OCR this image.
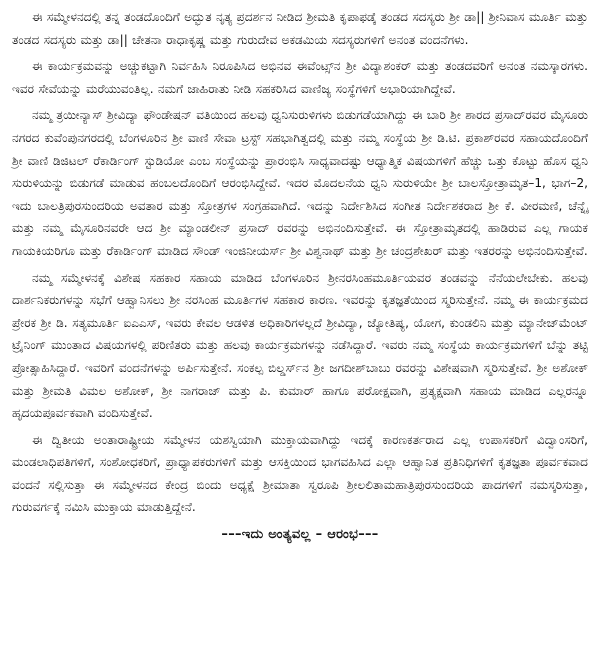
ಈ ಸಮ್ಮೇಳನದಲ್ಲಿ ತನ್ನ ತಂಡದೊಂದಿಗೆ ಅದ್ಭುತ ನೃತ್ಯ ಪ್ರದರ್ಶನ ನೀಡಿದ ಶ್ರೀಮತಿ ಕೃಪಾಫಡ್ಕೆ ತಂಡದ ಸದಸ್ಯರು ಶ್ರೀ ಡಾ|| ಶ್ರೀನಿವಾಸ ಮೂರ್ತಿ ಮತ್ತು ತಂಡದ ಸದಸ್ಯರು ಮತ್ತು ಡಾ|| ಚೇತನಾ ರಾಧಾಕೃಷ್ಣ ಮತ್ತು ಗುರುದೇವ ಅಕಡಮಿಯ ಸದಸ್ಯರುಗಳಿಗೆ ಅನಂತ ವಂದನೆಗಳು.

ಈ ಕಾರ್ಯಕ್ರಮವನ್ನು ಅಚ್ಚುಕಟ್ಟಾಗಿ ನಿರ್ವಹಿಸಿ ನಿರೂಪಿಸಿದ ಅಭಿನವ ಈವೆಂಟ್ಸ್‌ನ ಶ್ರೀ ವಿದ್ಯಾಶಂಕರ್ ಮತ್ತು ತಂಡದವರಿಗೆ ಅನಂತ ನಮಸ್ಕಾರಗಳು. ಇವರ ಸೇವೆಯನ್ನು ಮರೆಯುವಂತಿಲ್ಲ. ನಮಗೆ ಜಾಹಿರಾತು ನೀಡಿ ಸಹಕರಿಸಿದ ವಾಣಿಜ್ಯ ಸಂಸ್ಥೆಗಳಿಗೆ ಅಭಾರಿಯಾಗಿದ್ದೇವೆ.

ನಮ್ಮ ತ್ರಯೀನ್ಯಾಸ್ ಶ್ರೀವಿದ್ಯಾ ಫೌಂಡೇಷನ್ ವತಿಯಿಂದ ಹಲವು ಧ್ವನಿಸುರುಳಿಗಳು ಬಿಡುಗಡೆಯಾಗಿದ್ದು ಈ ಬಾರಿ ಶ್ರೀ ಶಾರದ ಪ್ರಸಾದ್‌ರವರ ಮೈಸೂರು ನಗರದ ಕುವೆಂಪುನಗರದಲ್ಲಿ ಬೆಂಗಳೂರಿನ ಶ್ರೀ ವಾಣಿ ಸೇವಾ ಟ್ರಸ್ಟ್ ಸಹಭಾಗಿತ್ವದಲ್ಲಿ ಮತ್ತು ನಮ್ಮ ಸಂಸ್ಥೆಯ ಶ್ರೀ ಡಿ.ಟಿ. ಪ್ರಕಾಶ್‌ರವರ ಸಹಾಯದೊಂದಿಗೆ ಶ್ರೀ ವಾಣಿ ಡಿಜಿಟಲ್ ರೆಕಾರ್ಡಿಂಗ್ ಸ್ಟುಡಿಯೋ ಎಂಬ ಸಂಸ್ಥೆಯನ್ನು ಪ್ರಾರಂಭಿಸಿ ಸಾಧ್ಯವಾದಷ್ಟು ಆಧ್ಯಾತ್ಮಿಕ ವಿಷಯಗಳಿಗೆ ಹೆಚ್ಚು ಒತ್ತು ಕೊಟ್ಟು ಹೊಸ ಧ್ವನಿ ಸುರುಳಿಯನ್ನು ಬಿಡುಗಡೆ ಮಾಡುವ ಹಂಬಲದೊಂದಿಗೆ ಆರಂಭಿಸಿದ್ದೇವೆ. ಇದರ ಮೊದಲನೆಯ ಧ್ವನಿ ಸುರುಳಿಯೇ ಶ್ರೀ ಬಾಲಸ್ತೋತ್ರಾಮೃತ–1, ಭಾಗ–2, ಇದು ಬಾಲತ್ರಿಪುರಸುಂದರಿಯ ಅವತಾರ ಮತ್ತು ಸ್ತೋತ್ರಗಳ ಸಂಗ್ರಹವಾಗಿದೆ. ಇದನ್ನು ನಿರ್ದೇಶಿಸಿದ ಸಂಗೀತ ನಿರ್ದೇಶಕರಾದ ಶ್ರೀ ಕೆ. ವೀರಮಣಿ, ಚೆನ್ನೈ ಮತ್ತು ನಮ್ಮ ಮೈಸೂರಿನವರೇ ಆದ ಶ್ರೀ ಮ್ಯಾಂಡಲೀನ್ ಪ್ರಸಾದ್ ರವರನ್ನು ಅಭಿನಂದಿಸುತ್ತೇವೆ. ಈ ಸ್ತೋತ್ರಾಮೃತದಲ್ಲಿ ಹಾಡಿರುವ ಎಲ್ಲ ಗಾಯಕ ಗಾಯಕಿಯರಿಗೂ ಮತ್ತು ರೆಕಾರ್ಡಿಂಗ್ ಮಾಡಿದ ಸೌಂಡ್ ಇಂಜಿನೀಯರ್ಸ್ ಶ್ರೀ ವಿಶ್ವನಾಥ್ ಮತ್ತು ಶ್ರೀ ಚಂದ್ರಶೇಖರ್ ಮತ್ತು ಇತರರನ್ನು ಅಭಿನಂದಿಸುತ್ತೇವೆ.

ನಮ್ಮ ಸಮ್ಮೇಳನಕ್ಕೆ ವಿಶೇಷ ಸಹಕಾರ ಸಹಾಯ ಮಾಡಿದ ಬೆಂಗಳೂರಿನ ಶ್ರೀನರಸಿಂಹಮೂರ್ತಿಯವರ ತಂಡವನ್ನು ನೆನೆಯಲೇಬೇಕು. ಹಲವು ದಾರ್ಶನಿಕರುಗಳನ್ನು ಸಭೆಗೆ ಆಹ್ವಾನಿಸಲು ಶ್ರೀ ನರಸಿಂಹ ಮೂರ್ತಿಗಳ ಸಹಕಾರ ಕಾರಣ. ಇವರನ್ನು ಕೃತಜ್ಞತೆಯಿಂದ ಸ್ಮರಿಸುತ್ತೇನೆ. ನಮ್ಮ ಈ ಕಾರ್ಯಕ್ರಮದ ಪ್ರೇರಕ ಶ್ರೀ ಡಿ. ಸತ್ಯಮೂರ್ತಿ ಐಎಎಸ್, ಇವರು ಕೇವಲ ಆಡಳಿತ ಅಧಿಕಾರಿಗಳಲ್ಲದೆ ಶ್ರೀವಿದ್ಯಾ, ಜ್ಯೋತಿಷ್ಯ, ಯೋಗ, ಕುಂಡಲಿನಿ ಮತ್ತು ಮ್ಯಾನೇಜ್‌ಮೆಂಟ್ ಟ್ರೈನಿಂಗ್ ಮುಂತಾದ ವಿಷಯಗಳಲ್ಲಿ ಪರಿಣಿತರು ಮತ್ತು ಹಲವು ಕಾರ್ಯಕ್ರಮಗಳನ್ನು ನಡೆಸಿದ್ದಾರೆ. ಇವರು ನಮ್ಮ ಸಂಸ್ಥೆಯ ಕಾರ್ಯಕ್ರಮಗಳಿಗೆ ಬೆನ್ನು ತಟ್ಟಿ ಪ್ರೋತ್ಸಾಹಿಸಿದ್ದಾರೆ. ಇವರಿಗೆ ವಂದನೆಗಳನ್ನು ಅರ್ಪಿಸುತ್ತೇನೆ. ಸಂಕಲ್ಪ ಬಿಲ್ಡರ್ಸ್‌ನ ಶ್ರೀ ಜಗದೀಶ್‌ಬಾಬು ರವರನ್ನು ವಿಶೇಷವಾಗಿ ಸ್ಮರಿಸುತ್ತೇವೆ. ಶ್ರೀ ಅಶೋಕ್ ಮತ್ತು ಶ್ರೀಮತಿ ವಿಮಲ ಅಶೋಕ್, ಶ್ರೀ ನಾಗರಾಜ್ ಮತ್ತು ಪಿ. ಕುಮಾರ್ ಹಾಗೂ ಪರೋಕ್ಷವಾಗಿ, ಪ್ರತ್ಯಕ್ಷವಾಗಿ ಸಹಾಯ ಮಾಡಿದ ಎಲ್ಲರನ್ನೂ ಹೃದಯಪೂರ್ವಕವಾಗಿ ವಂದಿಸುತ್ತೇವೆ.

ಈ ದ್ವಿತೀಯ ಅಂತಾರಾಷ್ಟ್ರೀಯ ಸಮ್ಮೇಳನ ಯಶಸ್ವಿಯಾಗಿ ಮುಕ್ತಾಯವಾಗಿದ್ದು ಇದಕ್ಕೆ ಕಾರಣಕರ್ತರಾದ ಎಲ್ಲ ಉಪಾಸಕರಿಗೆ ವಿದ್ವಾಂಸರಿಗೆ, ಮಂಡಲಾಧಿಪತಿಗಳಿಗೆ, ಸಂಶೋಧಕರಿಗೆ, ಪ್ರಾಧ್ಯಾಪಕರುಗಳಿಗೆ ಮತ್ತು ಆಸಕ್ತಿಯಿಂದ ಭಾಗವಹಿಸಿದ ಎಲ್ಲಾ ಆಹ್ವಾನಿತ ಪ್ರತಿನಿಧಿಗಳಿಗೆ ಕೃತಜ್ಞತಾ ಪೂರ್ವಕವಾದ ವಂದನೆ ಸಲ್ಲಿಸುತ್ತಾ ಈ ಸಮ್ಮೇಳನದ ಕೇಂದ್ರ ಬಿಂದು ಅಧ್ಯಕ್ಷೆ ಶ್ರೀಮಾತಾ ಸ್ವರೂಪಿ ಶ್ರೀಲಲಿತಾಮಹಾತ್ರಿಪುರಸುಂದರಿಯ ಪಾದಗಳಿಗೆ ನಮಸ್ಕರಿಸುತ್ತಾ, ಗುರುವರ್ಗಕ್ಕೆ ನಮಿಸಿ ಮುಕ್ತಾಯ ಮಾಡುತ್ತಿದ್ದೇನೆ.

–––ಇದು ಅಂತ್ಯವಲ್ಲ – ಆರಂಭ–––
